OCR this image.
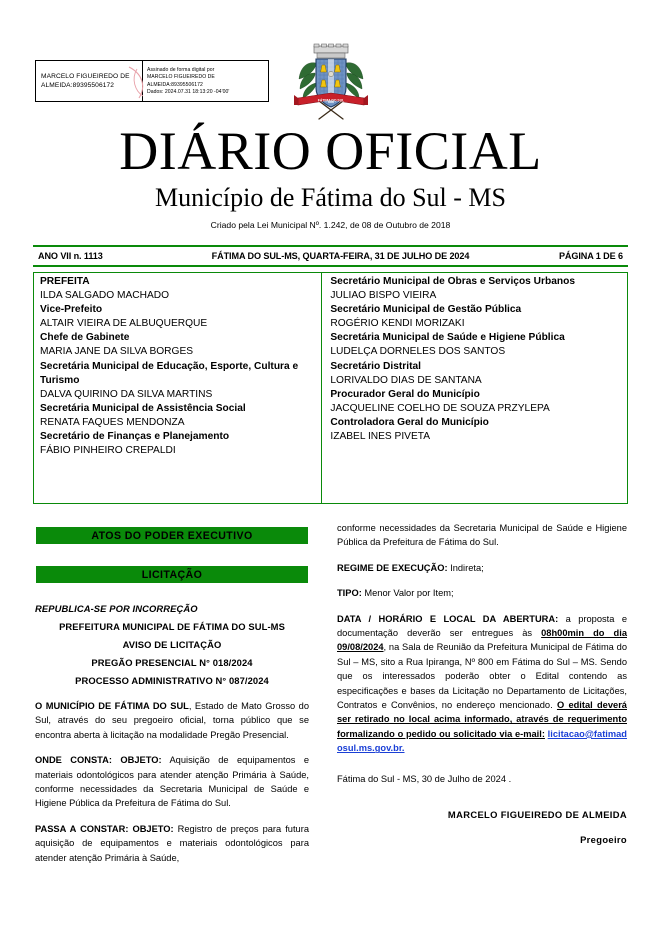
MARCELO FIGUEIREDO DE
ALMEIDA:89395506172
Assinado de forma digital por
MARCELO FIGUEIREDO DE
ALMEIDA:89395506172
Dados: 2024.07.31 18:13:20 -04'00'
FÁTIMA DO SUL
DIÁRIO OFICIAL
Município de Fátima do Sul - MS
Criado pela Lei Municipal Nº. 1.242, de 08 de Outubro de 2018
ANO VII n. 1113	FÁTIMA DO SUL-MS, QUARTA-FEIRA, 31 DE JULHO DE 2024	PÁGINA 1 DE 6
PREFEITA
ILDA SALGADO MACHADO
Vice-Prefeito
ALTAIR VIEIRA DE ALBUQUERQUE
Chefe de Gabinete
MARIA JANE DA SILVA BORGES
Secretária Municipal de Educação, Esporte, Cultura e Turismo
DALVA QUIRINO DA SILVA MARTINS
Secretária Municipal de Assistência Social
RENATA FAQUES MENDONZA
Secretário de Finanças e Planejamento
FÁBIO PINHEIRO CREPALDI
Secretário Municipal de Obras e Serviços Urbanos
JULIAO BISPO VIEIRA
Secretário Municipal de Gestão Pública
ROGÉRIO KENDI MORIZAKI
Secretária Municipal de Saúde e Higiene Pública
LUDELÇA DORNELES DOS SANTOS
Secretário Distrital
LORIVALDO DIAS DE SANTANA
Procurador Geral do Município
JACQUELINE COELHO DE SOUZA PRZYLEPA
Controladora Geral do Município
IZABEL INES PIVETA
ATOS DO PODER EXECUTIVO
LICITAÇÃO
REPUBLICA-SE POR INCORREÇÃO
PREFEITURA MUNICIPAL DE FÁTIMA DO SUL-MS
AVISO DE LICITAÇÃO
PREGÃO PRESENCIAL N° 018/2024
PROCESSO ADMINISTRATIVO N° 087/2024

O MUNICÍPIO DE FÁTIMA DO SUL, Estado de Mato Grosso do Sul, através do seu pregoeiro oficial, torna público que se encontra aberta à licitação na modalidade Pregão Presencial.

ONDE CONSTA: OBJETO: Aquisição de equipamentos e materiais odontológicos para atender atenção Primária à Saúde, conforme necessidades da Secretaria Municipal de Saúde e Higiene Pública da Prefeitura de Fátima do Sul.

PASSA A CONSTAR: OBJETO: Registro de preços para futura aquisição de equipamentos e materiais odontológicos para atender atenção Primária à Saúde,

conforme necessidades da Secretaria Municipal de Saúde e Higiene Pública da Prefeitura de Fátima do Sul.

REGIME DE EXECUÇÃO: Indireta;

TIPO: Menor Valor por Item;

DATA / HORÁRIO E LOCAL DA ABERTURA: a proposta e documentação deverão ser entregues às 08h00min do dia 09/08/2024, na Sala de Reunião da Prefeitura Municipal de Fátima do Sul – MS, sito a Rua Ipiranga, Nº 800 em Fátima do Sul – MS. Sendo que os interessados poderão obter o Edital contendo as especificações e bases da Licitação no Departamento de Licitações, Contratos e Convênios, no endereço mencionado. O edital deverá ser retirado no local acima informado, através de requerimento formalizando o pedido ou solicitado via e-mail: licitacao@fatimadosul.ms.gov.br.

Fátima do Sul - MS, 30 de Julho de 2024 .

MARCELO FIGUEIREDO DE ALMEIDA
Pregoeiro
